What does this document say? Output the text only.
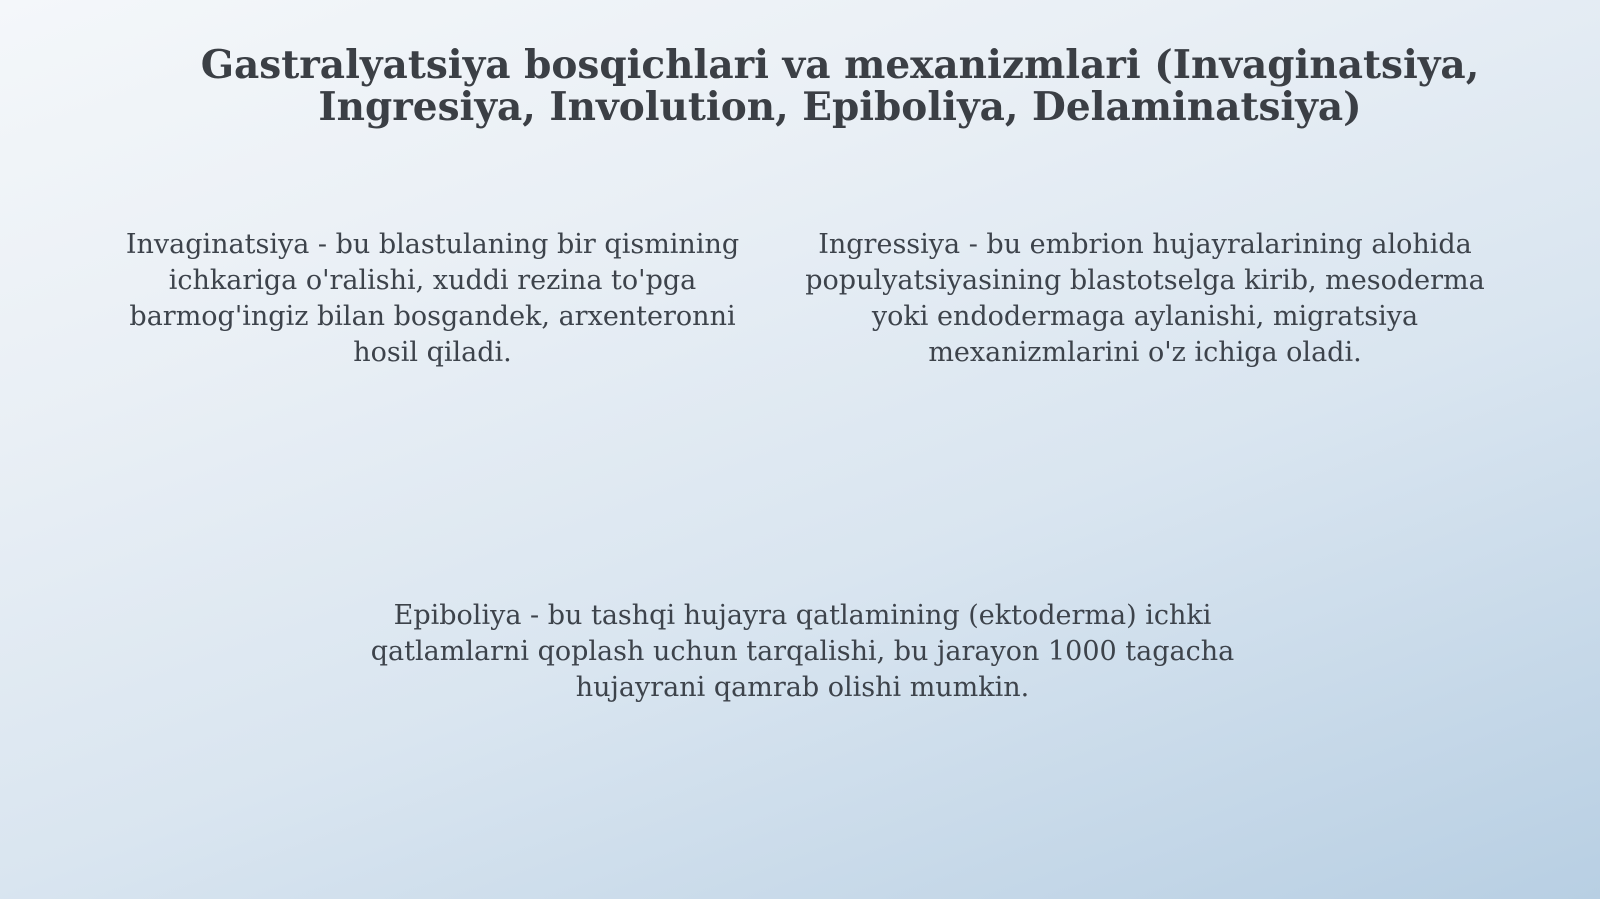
Gastralyatsiya bosqichlari va mexanizmlari (Invaginatsiya, Ingresiya, Involution, Epiboliya, Delaminatsiya)

Invaginatsiya - bu blastulaning bir qismining ichkariga o'ralishi, xuddi rezina to'pga barmog'ingiz bilan bosgandek, arxenteronni hosil qiladi.

Ingressiya - bu embrion hujayralarining alohida populyatsiyasining blastotselga kirib, mesoderma yoki endodermaga aylanishi, migratsiya mexanizmlarini o'z ichiga oladi.

Epiboliya - bu tashqi hujayra qatlamining (ektoderma) ichki qatlamlarni qoplash uchun tarqalishi, bu jarayon 1000 tagacha hujayrani qamrab olishi mumkin.
